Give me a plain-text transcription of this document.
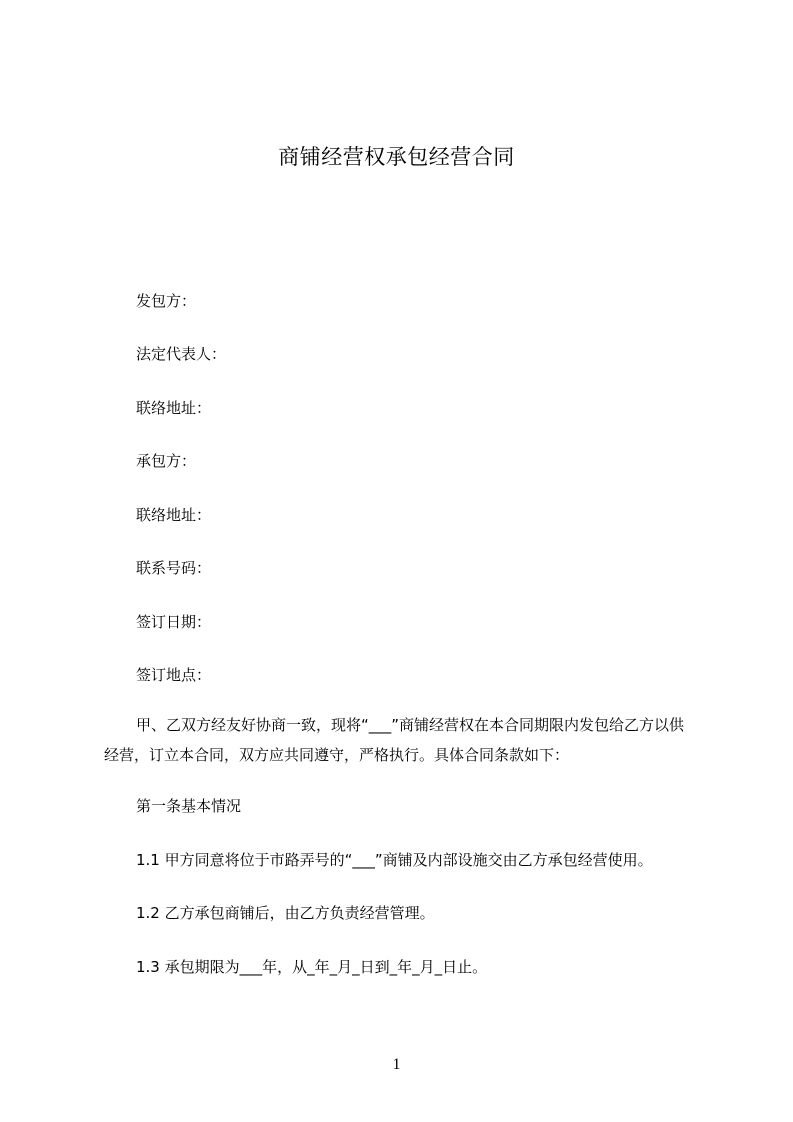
商铺经营权承包经营合同
发包方：
法定代表人：
联络地址：
承包方：
联络地址：
联系号码：
签订日期：
签订地点：
甲、乙双方经友好协商一致，现将“___”商铺经营权在本合同期限内发包给乙方以供经营，订立本合同，双方应共同遵守，严格执行。具体合同条款如下：
第一条基本情况
1.1 甲方同意将位于市路弄号的“___”商铺及内部设施交由乙方承包经营使用。
1.2 乙方承包商铺后，由乙方负责经营管理。
1.3 承包期限为___年，从_年_月_日到_年_月_日止。
1
